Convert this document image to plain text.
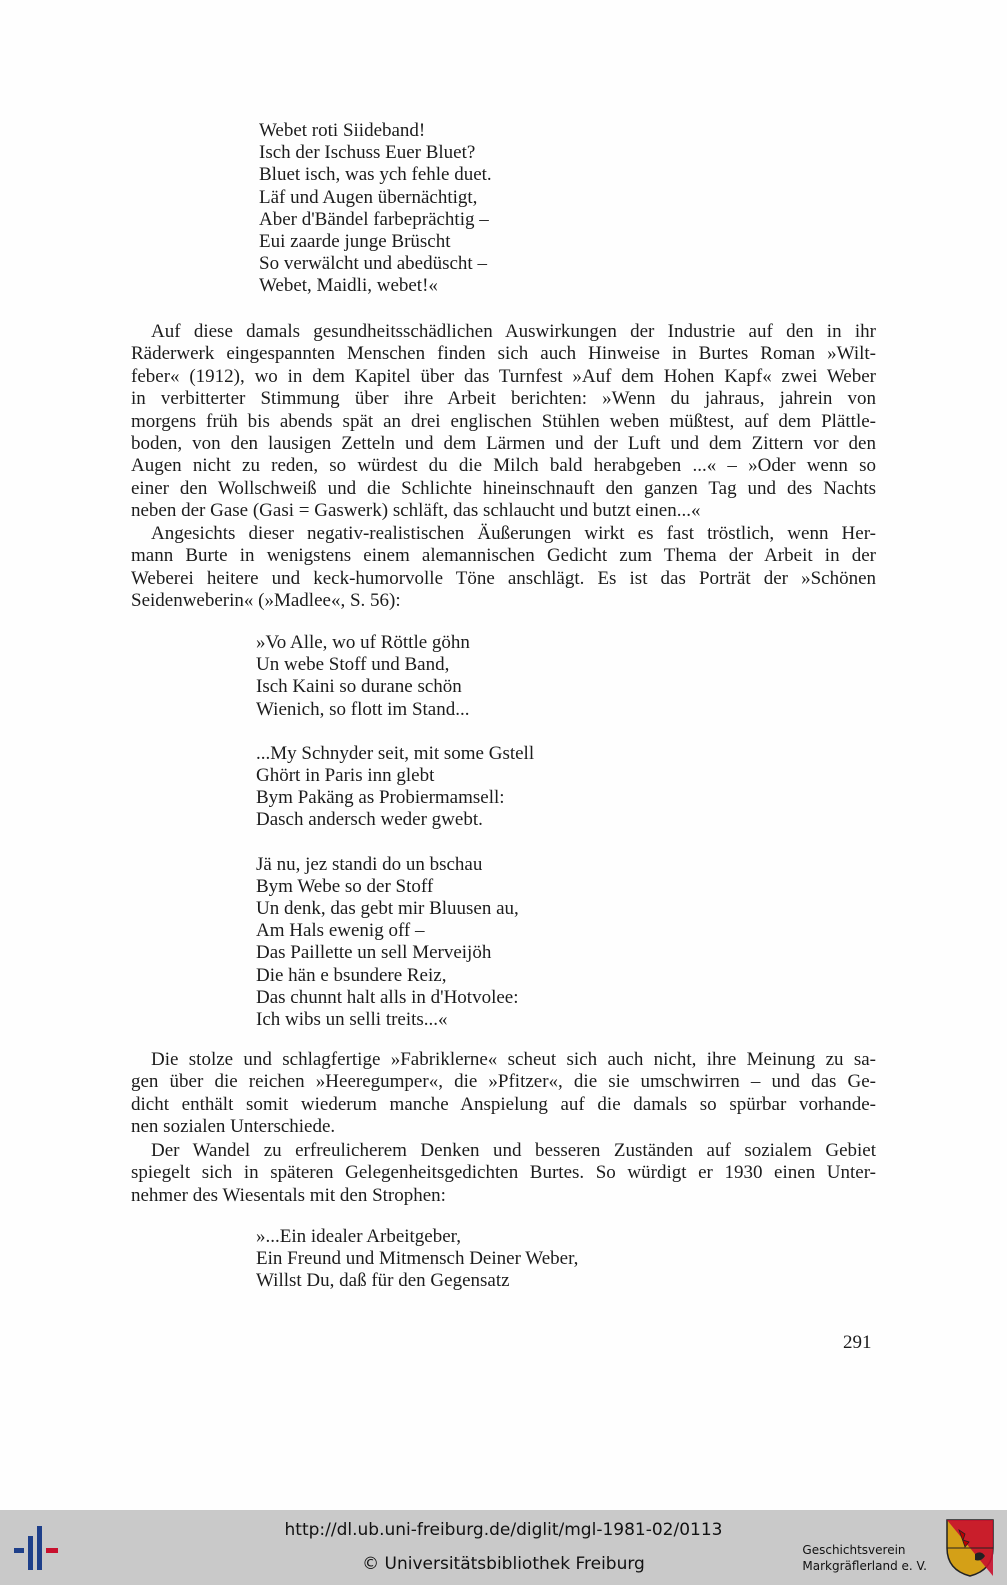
Webet roti Siideband!
Isch der Ischuss Euer Bluet?
Bluet isch, was ych fehle duet.
Läf und Augen übernächtigt,
Aber d'Bändel farbeprächtig –
Eui zaarde junge Brüscht
So verwälcht und abedüscht –
Webet, Maidli, webet!«
Auf diese damals gesundheitsschädlichen Auswirkungen der Industrie auf den in ihr
Räderwerk eingespannten Menschen finden sich auch Hinweise in Burtes Roman »Wilt-
feber« (1912), wo in dem Kapitel über das Turnfest »Auf dem Hohen Kapf« zwei Weber
in verbitterter Stimmung über ihre Arbeit berichten: »Wenn du jahraus, jahrein von
morgens früh bis abends spät an drei englischen Stühlen weben müßtest, auf dem Plättle-
boden, von den lausigen Zetteln und dem Lärmen und der Luft und dem Zittern vor den
Augen nicht zu reden, so würdest du die Milch bald herabgeben ...« – »Oder wenn so
einer den Wollschweiß und die Schlichte hineinschnauft den ganzen Tag und des Nachts
neben der Gase (Gasi = Gaswerk) schläft, das schlaucht und butzt einen...«
Angesichts dieser negativ-realistischen Äußerungen wirkt es fast tröstlich, wenn Her-
mann Burte in wenigstens einem alemannischen Gedicht zum Thema der Arbeit in der
Weberei heitere und keck-humorvolle Töne anschlägt. Es ist das Porträt der »Schönen
Seidenweberin« (»Madlee«, S. 56):
»Vo Alle, wo uf Röttle göhn
Un webe Stoff und Band,
Isch Kaini so durane schön
Wienich, so flott im Stand...
...My Schnyder seit, mit some Gstell
Ghört in Paris inn glebt
Bym Pakäng as Probiermamsell:
Dasch andersch weder gwebt.
Jä nu, jez standi do un bschau
Bym Webe so der Stoff
Un denk, das gebt mir Bluusen au,
Am Hals ewenig off –
Das Paillette un sell Merveijöh
Die hän e bsundere Reiz,
Das chunnt halt alls in d'Hotvolee:
Ich wibs un selli treits...«
Die stolze und schlagfertige »Fabriklerne« scheut sich auch nicht, ihre Meinung zu sa-
gen über die reichen »Heeregumper«, die »Pfitzer«, die sie umschwirren – und das Ge-
dicht enthält somit wiederum manche Anspielung auf die damals so spürbar vorhande-
nen sozialen Unterschiede.
Der Wandel zu erfreulicherem Denken und besseren Zuständen auf sozialem Gebiet
spiegelt sich in späteren Gelegenheitsgedichten Burtes. So würdigt er 1930 einen Unter-
nehmer des Wiesentals mit den Strophen:
»...Ein idealer Arbeitgeber,
Ein Freund und Mitmensch Deiner Weber,
Willst Du, daß für den Gegensatz
291
http://dl.ub.uni-freiburg.de/diglit/mgl-1981-02/0113
© Universitätsbibliothek Freiburg
Geschichtsverein
Markgräflerland e. V.
